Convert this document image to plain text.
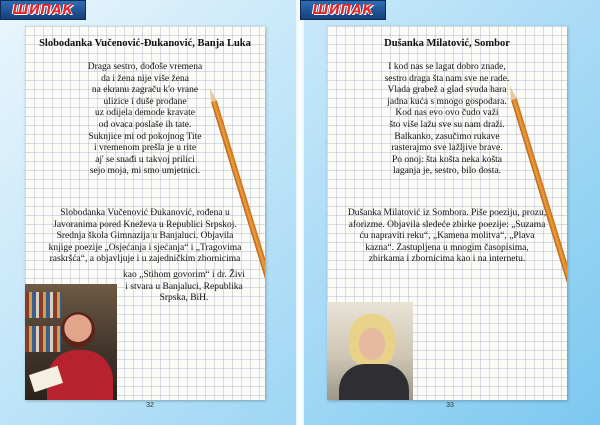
ШИПАК	ШИПАК
Slobodanka Vučenović-Đukanović, Banja Luka
Draga sestro, dođoše vremena
da i žena nije više žena
na ekranu zagraču k'o vrane
ulizice i duše prodane
uz odijela demode kravate
od ovaca poslaše ih tate.
Suknjice mi od pokojnog Tite
i vremenom prešla je u rite
aj' se snađi u takvoj prilici
sejo moja, mi smo umjetnici.
Slobodanka Vučenović Đukanović, rođena u
Javoranima pored Kneževa u Republici Srpskoj.
Srednja škola Gimnazija u Banjaluci. Objavila
knjige poezije „Osjećanja i sjećanja“ i „Tragovima
raskršća“, a objavljuje i u zajedničkim zbornicima
kao „Stihom govorim“ i dr. Živi
i stvara u Banjaluci, Republika
Srpska, BiH.
Dušanka Milatović, Sombor
I kod nas se lagat dobro znade,
sestro draga šta nam sve ne rade.
Vlada grabež a glad svuda hara
jadna kuća s mnogo gospodara.
Kod nas evo ovo čudo važi
što više lažu sve su nam draži.
Balkanko, zasučimo rukave
rasterajmo sve lažljive brave.
Po onoj: šta košta neka košta
laganja je, sestro, bilo dosta.
Dušanka Milatović iz Sombora. Piše poeziju, prozu,
aforizme. Objavila sledeće zbirke poezije: „Suzama
ću napraviti reku“, „Kamena molitva“, „Plava
kazna“. Zastupljena u mnogim časopisima,
zbirkama i zbornicima kao i na internetu.
32	33
